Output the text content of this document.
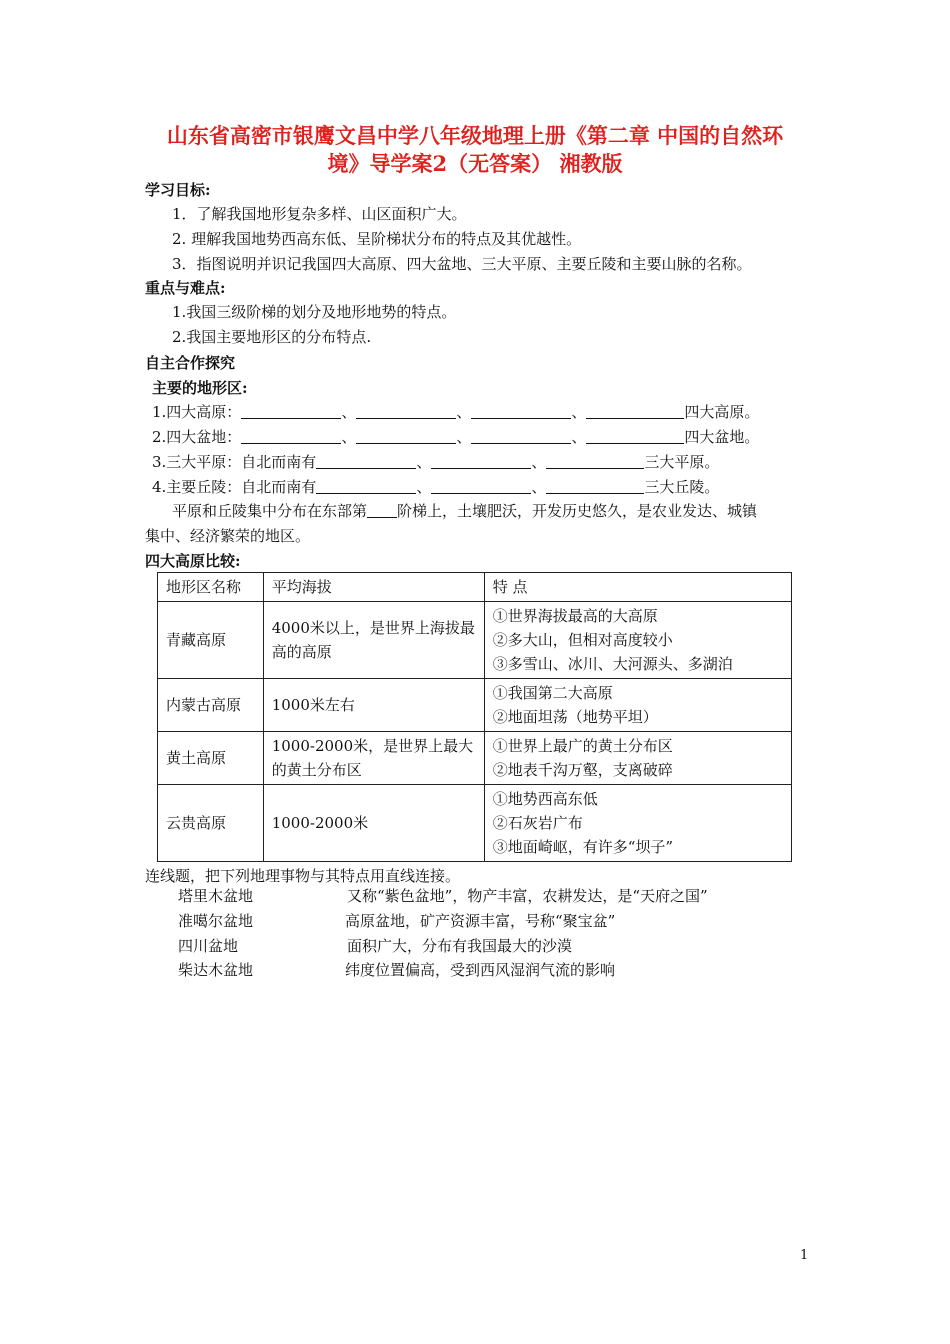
山东省高密市银鹰文昌中学八年级地理上册《第二章 中国的自然环
境》导学案2（无答案） 湘教版
学习目标:
1．了解我国地形复杂多样、山区面积广大。
2. 理解我国地势西高东低、呈阶梯状分布的特点及其优越性。
3．指图说明并识记我国四大高原、四大盆地、三大平原、主要丘陵和主要山脉的名称。
重点与难点:
1.我国三级阶梯的划分及地形地势的特点。
2.我国主要地形区的分布特点.
自主合作探究
主要的地形区:
1.四大高原：	、	、	、	四大高原。
2.四大盆地：	、	、	、	四大盆地。
3.三大平原：自北而南有	、	、	三大平原。
4.主要丘陵：自北而南有	、	、	三大丘陵。
平原和丘陵集中分布在东部第 阶梯上，土壤肥沃，开发历史悠久，是农业发达、城镇
集中、经济繁荣的地区。
四大高原比较:
地形区名称	平均海拔	特 点
青藏高原	4000米以上，是世界上海拔最高的高原	①世界海拔最高的大高原
②多大山，但相对高度较小
③多雪山、冰川、大河源头、多湖泊

内蒙古高原	1000米左右	①我国第二大高原
②地面坦荡（地势平坦）

黄土高原	1000-2000米，是世界上最大的黄土分布区	①世界上最广的黄土分布区
②地表千沟万壑，支离破碎

云贵高原	1000-2000米	①地势西高东低
②石灰岩广布
③地面崎岖，有许多“坝子”
连线题，把下列地理事物与其特点用直线连接。
塔里木盆地
准噶尔盆地
四川盆地
柴达木盆地
又称“紫色盆地”，物产丰富，农耕发达，是“天府之国”
高原盆地，矿产资源丰富，号称“聚宝盆”
面积广大，分布有我国最大的沙漠
纬度位置偏高，受到西风湿润气流的影响
1
